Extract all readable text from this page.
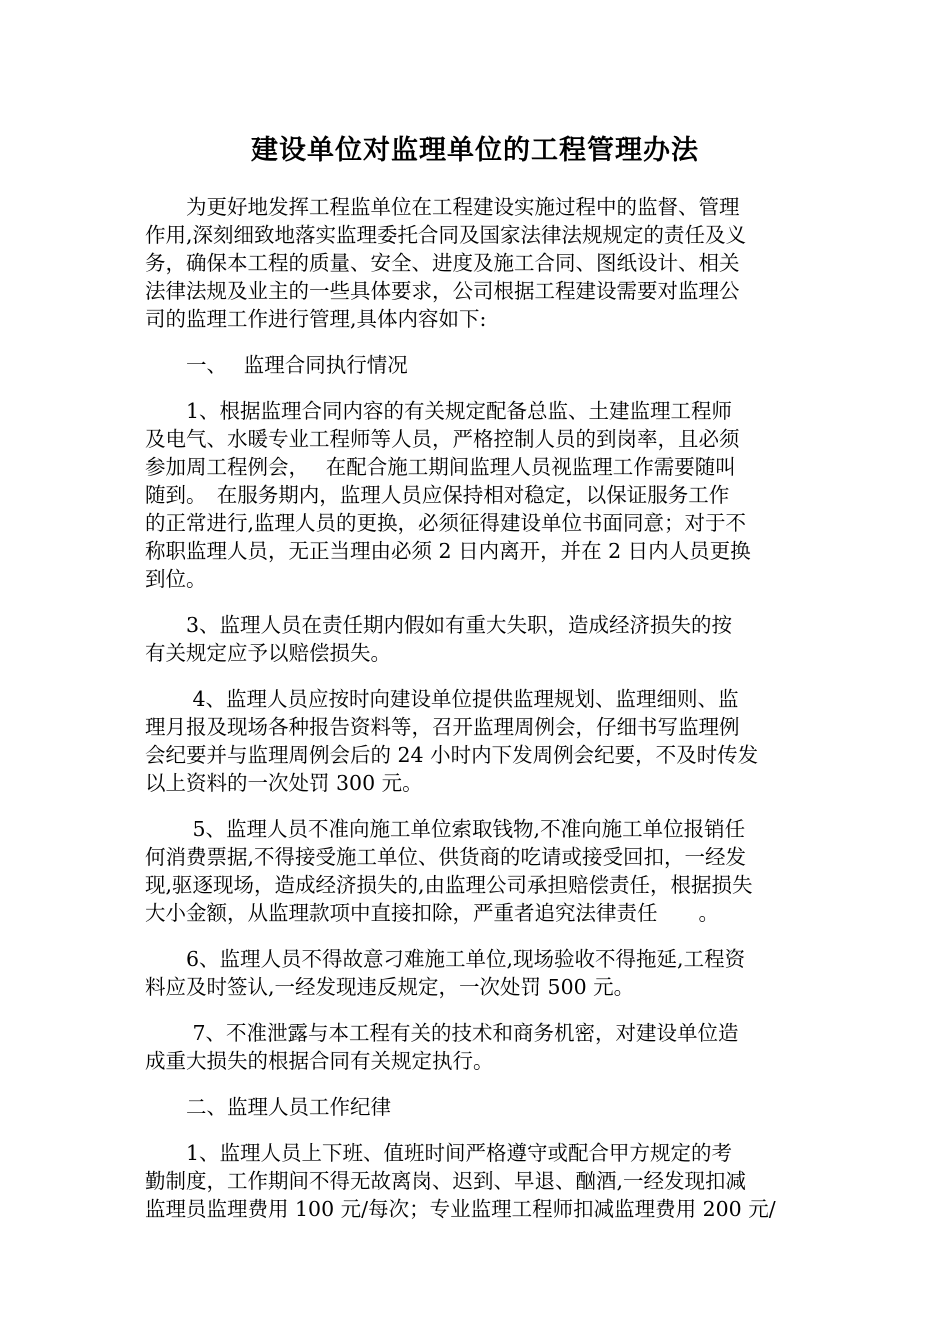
建设单位对监理单位的工程管理办法
　　为更好地发挥工程监单位在工程建设实施过程中的监督、管理
作用,深刻细致地落实监理委托合同及国家法律法规规定的责任及义
务，确保本工程的质量、安全、进度及施工合同、图纸设计、相关
法律法规及业主的一些具体要求，公司根据工程建设需要对监理公
司的监理工作进行管理,具体内容如下:
　　一、　 监理合同执行情况
　　1、根据监理合同内容的有关规定配备总监、土建监理工程师
及电气、水暖专业工程师等人员，严格控制人员的到岗率，且必须
参加周工程例会，　 在配合施工期间监理人员视监理工作需要随叫
随到。　在服务期内，监理人员应保持相对稳定，以保证服务工作
的正常进行,监理人员的更换，必须征得建设单位书面同意；对于不
称职监理人员，无正当理由必须 2 日内离开，并在 2 日内人员更换
到位。
　　3、监理人员在责任期内假如有重大失职，造成经济损失的按
有关规定应予以赔偿损失。
　　 4、监理人员应按时向建设单位提供监理规划、监理细则、监
理月报及现场各种报告资料等，召开监理周例会，仔细书写监理例
会纪要并与监理周例会后的 24 小时内下发周例会纪要，不及时传发
以上资料的一次处罚 300 元。
　　 5、监理人员不准向施工单位索取钱物,不准向施工单位报销任
何消费票据,不得接受施工单位、供货商的吃请或接受回扣，一经发
现,驱逐现场，造成经济损失的,由监理公司承担赔偿责任，根据损失
大小金额，从监理款项中直接扣除，严重者追究法律责任　　。
　　6、监理人员不得故意刁难施工单位,现场验收不得拖延,工程资
料应及时签认,一经发现违反规定，一次处罚 500 元。
　　 7、不准泄露与本工程有关的技术和商务机密，对建设单位造
成重大损失的根据合同有关规定执行。
　　二、监理人员工作纪律
　　1、监理人员上下班、值班时间严格遵守或配合甲方规定的考
勤制度，工作期间不得无故离岗、迟到、早退、酗酒,一经发现扣减
监理员监理费用 100 元/每次；专业监理工程师扣减监理费用 200 元/
